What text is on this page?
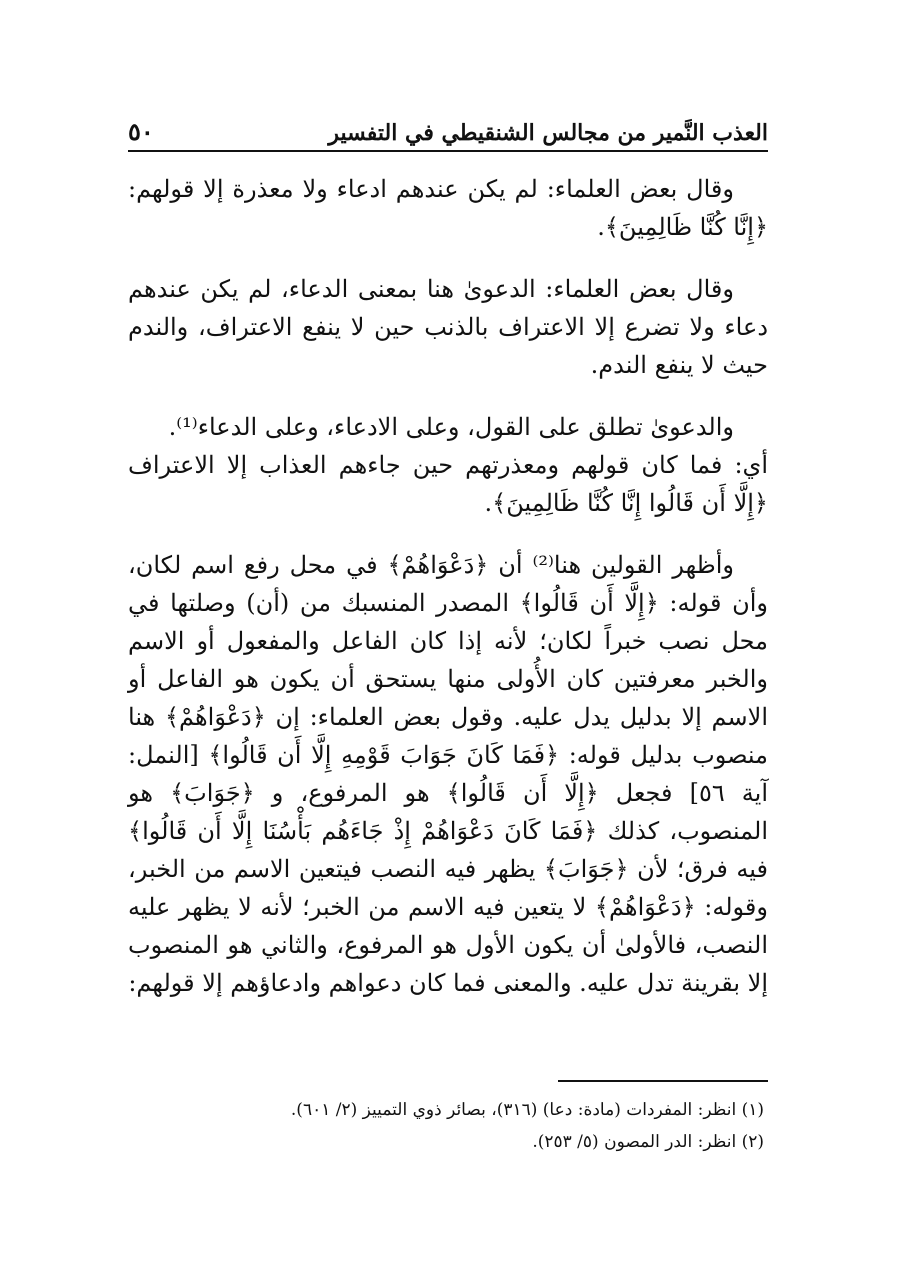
العذب النَّمير من مجالس الشنقيطي في التفسير
٥٠

وقال بعض العلماء: لم يكن عندهم ادعاء ولا معذرة إلا قولهم: ﴿إِنَّا كُنَّا ظَالِمِينَ﴾.

وقال بعض العلماء: الدعوىٰ هنا بمعنى الدعاء، لم يكن عندهم دعاء ولا تضرع إلا الاعتراف بالذنب حين لا ينفع الاعتراف، والندم حيث لا ينفع الندم.

والدعوىٰ تطلق على القول، وعلى الادعاء، وعلى الدعاء⁽¹⁾.

أي: فما كان قولهم ومعذرتهم حين جاءهم العذاب إلا الاعتراف ﴿إِلَّا أَن قَالُوا إِنَّا كُنَّا ظَالِمِينَ﴾.

وأظهر القولين هنا⁽²⁾ أن ﴿دَعْوَاهُمْ﴾ في محل رفع اسم لكان، وأن قوله: ﴿إِلَّا أَن قَالُوا﴾ المصدر المنسبك من (أن) وصلتها في محل نصب خبراً لكان؛ لأنه إذا كان الفاعل والمفعول أو الاسم والخبر معرفتين كان الأُولى منها يستحق أن يكون هو الفاعل أو الاسم إلا بدليل يدل عليه. وقول بعض العلماء: إن ﴿دَعْوَاهُمْ﴾ هنا منصوب بدليل قوله: ﴿فَمَا كَانَ جَوَابَ قَوْمِهِ إِلَّا أَن قَالُوا﴾ [النمل: آية ٥٦] فجعل ﴿إِلَّا أَن قَالُوا﴾ هو المرفوع، و ﴿جَوَابَ﴾ هو المنصوب، كذلك ﴿فَمَا كَانَ دَعْوَاهُمْ إِذْ جَاءَهُم بَأْسُنَا إِلَّا أَن قَالُوا﴾ فيه فرق؛ لأن ﴿جَوَابَ﴾ يظهر فيه النصب فيتعين الاسم من الخبر، وقوله: ﴿دَعْوَاهُمْ﴾ لا يتعين فيه الاسم من الخبر؛ لأنه لا يظهر عليه النصب، فالأولىٰ أن يكون الأول هو المرفوع، والثاني هو المنصوب إلا بقرينة تدل عليه. والمعنى فما كان دعواهم وادعاؤهم إلا قولهم:

(١) انظر: المفردات (مادة: دعا) (٣١٦)، بصائر ذوي التمييز (٢/ ٦٠١).

(٢) انظر: الدر المصون (٥/ ٢٥٣).
